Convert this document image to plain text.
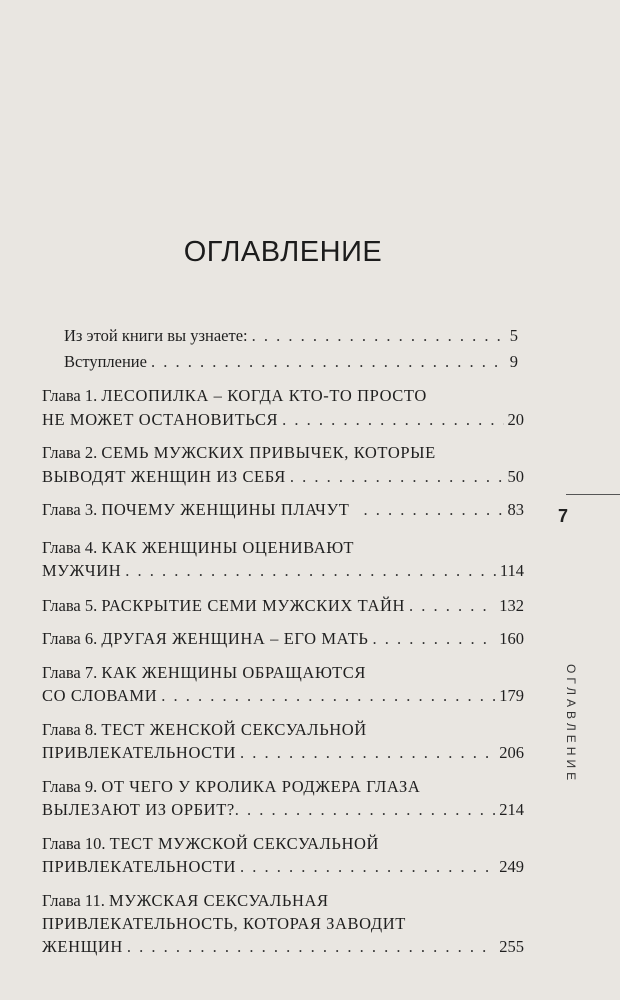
ОГЛАВЛЕНИЕ
Из этой книги вы узнаете: . . .	5
Вступление . . .	9
Глава 1. ЛЕСОПИЛКА – КОГДА КТО-ТО ПРОСТО
НЕ МОЖЕТ ОСТАНОВИТЬСЯ . . .	20
Глава 2. СЕМЬ МУЖСКИХ ПРИВЫЧЕК, КОТОРЫЕ
ВЫВОДЯТ ЖЕНЩИН ИЗ СЕБЯ . . .	50
Глава 3. ПОЧЕМУ ЖЕНЩИНЫ ПЛАЧУТ . . .	83
Глава 4. КАК ЖЕНЩИНЫ ОЦЕНИВАЮТ
МУЖЧИН . . .	114
Глава 5. РАСКРЫТИЕ СЕМИ МУЖСКИХ ТАЙН . . .	132
Глава 6. ДРУГАЯ ЖЕНЩИНА – ЕГО МАТЬ . . .	160
Глава 7. КАК ЖЕНЩИНЫ ОБРАЩАЮТСЯ
СО СЛОВАМИ . . .	179
Глава 8. ТЕСТ ЖЕНСКОЙ СЕКСУАЛЬНОЙ
ПРИВЛЕКАТЕЛЬНОСТИ . . .	206
Глава 9. ОТ ЧЕГО У КРОЛИКА РОДЖЕРА ГЛАЗА
ВЫЛЕЗАЮТ ИЗ ОРБИТ? . . .	214
Глава 10. ТЕСТ МУЖСКОЙ СЕКСУАЛЬНОЙ
ПРИВЛЕКАТЕЛЬНОСТИ . . .	249
Глава 11. МУЖСКАЯ СЕКСУАЛЬНАЯ
ПРИВЛЕКАТЕЛЬНОСТЬ, КОТОРАЯ ЗАВОДИТ
ЖЕНЩИН . . .	255
7
ОГЛАВЛЕНИЕ
